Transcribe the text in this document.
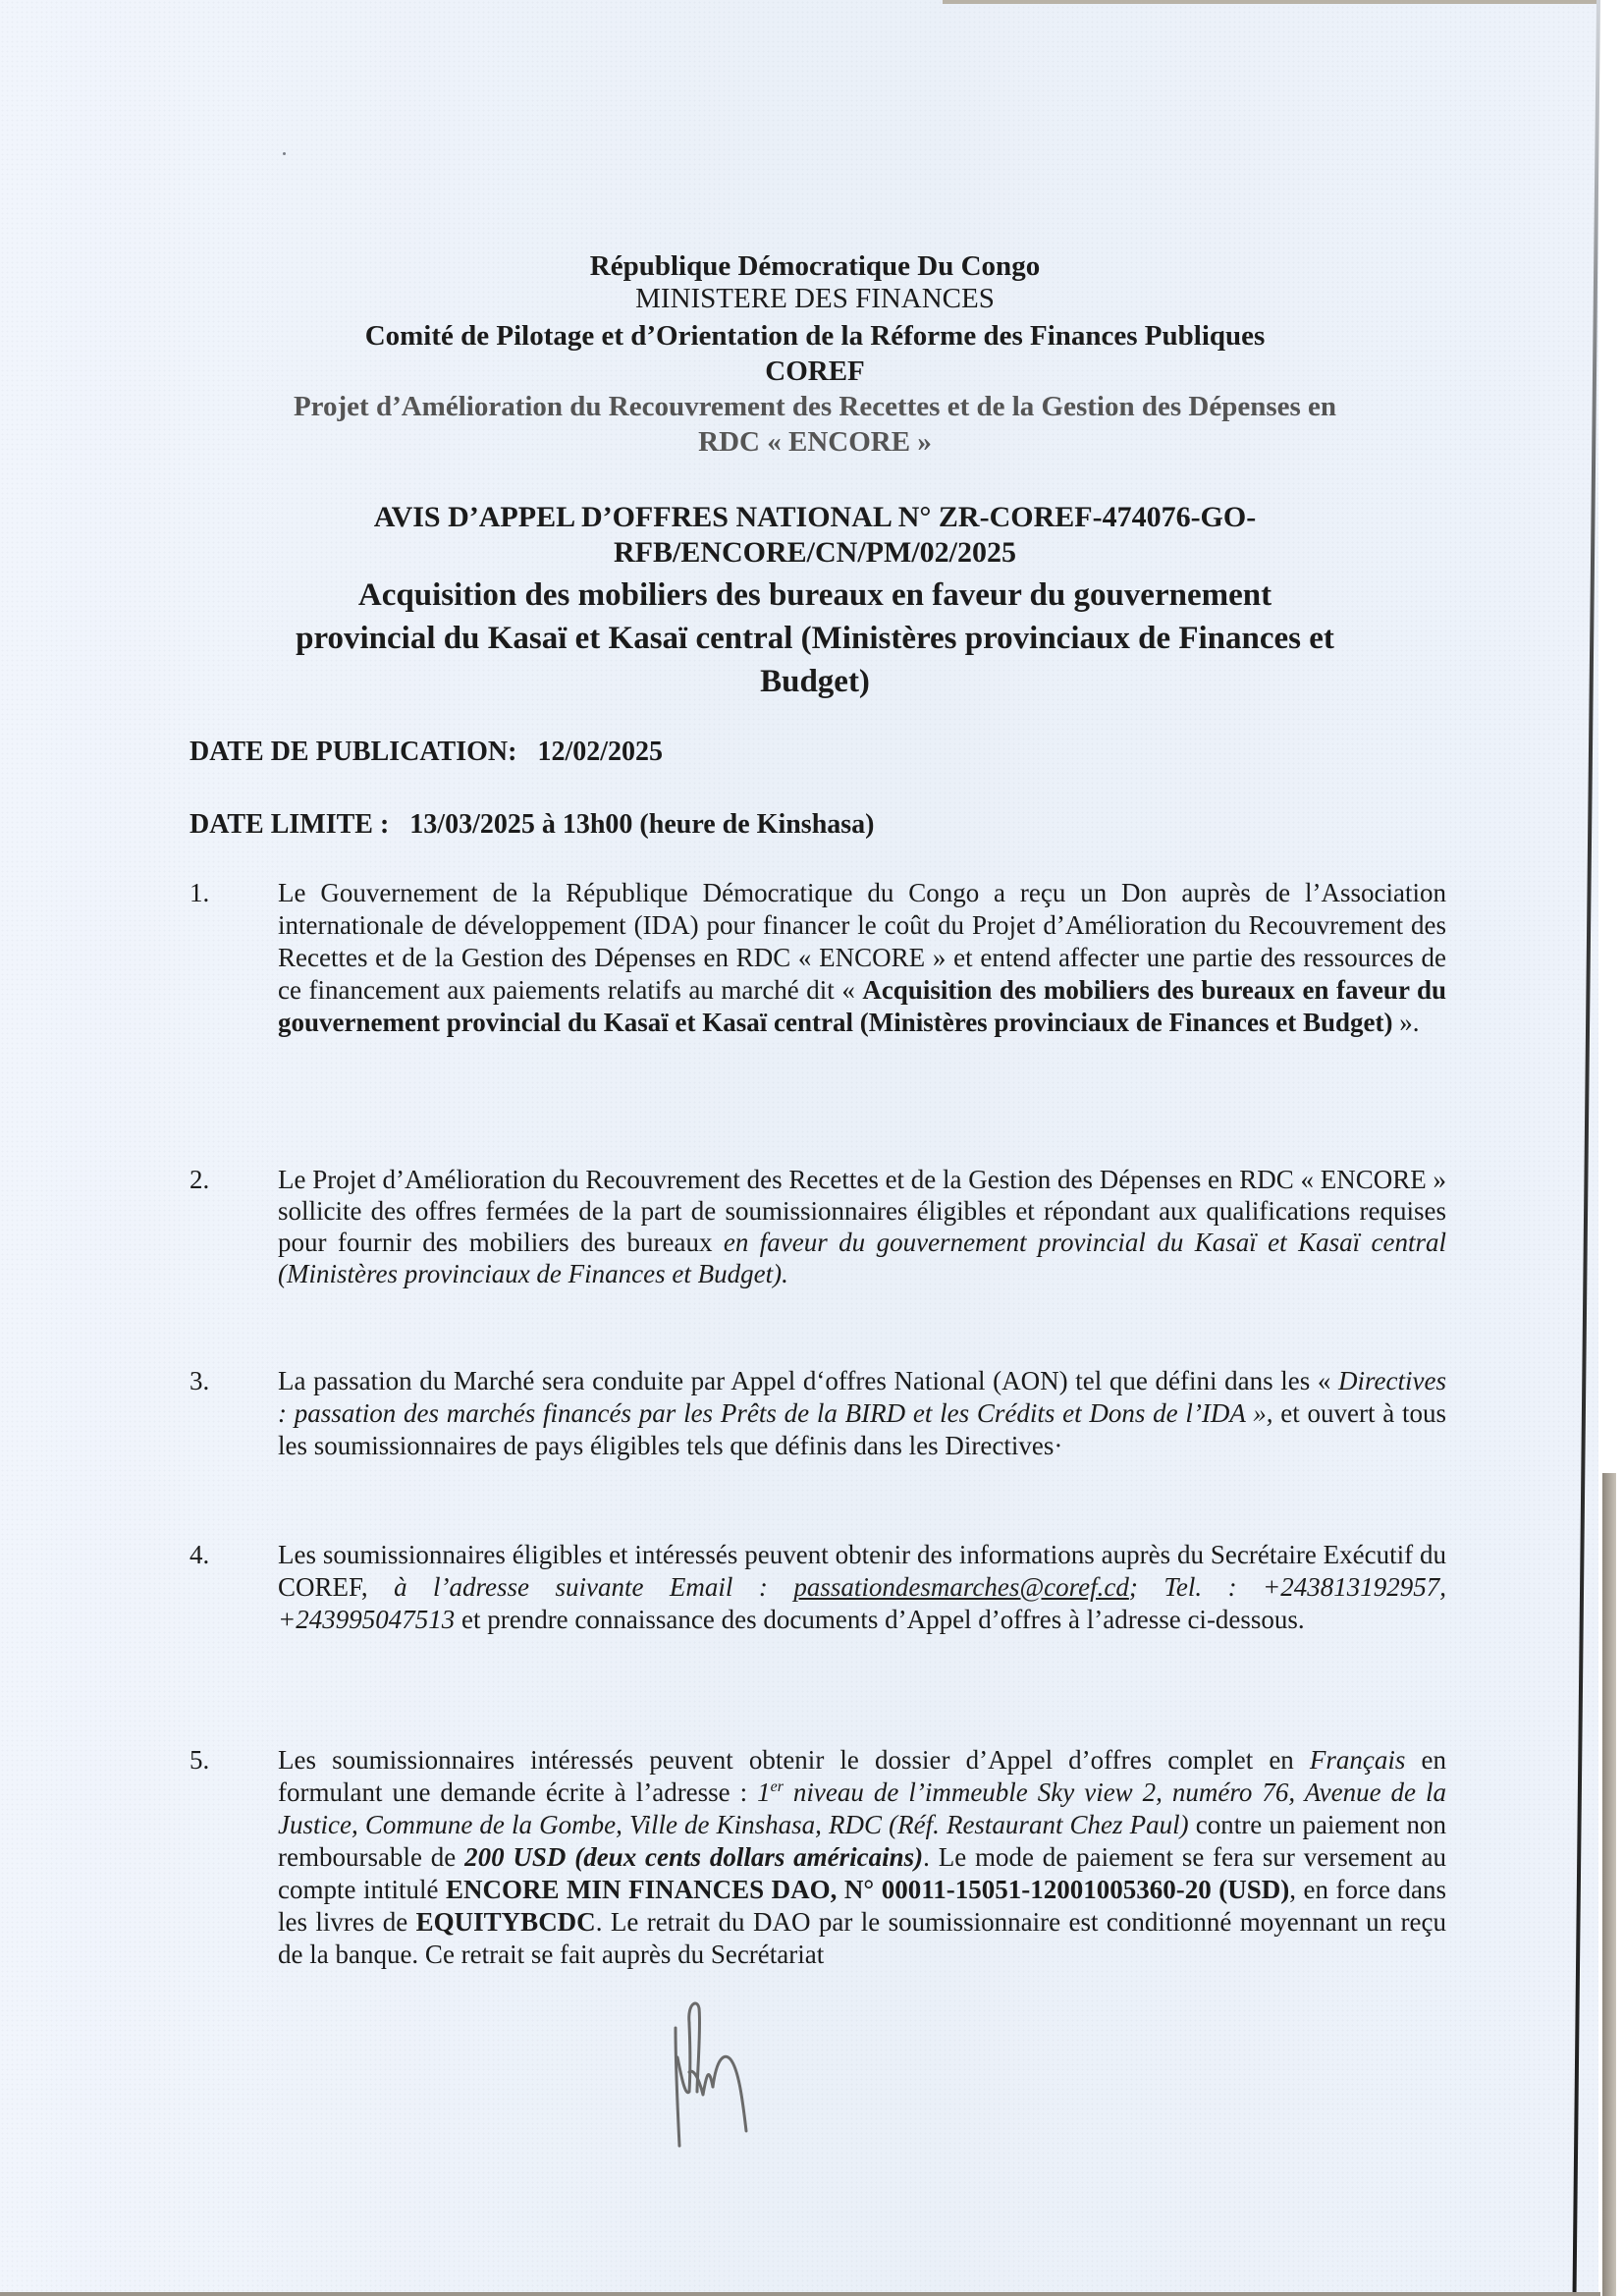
République Démocratique Du Congo
MINISTERE DES FINANCES
Comité de Pilotage et d’Orientation de la Réforme des Finances Publiques
COREF
Projet d’Amélioration du Recouvrement des Recettes et de la Gestion des Dépenses en
RDC « ENCORE »
AVIS D’APPEL D’OFFRES NATIONAL N° ZR-COREF-474076-GO-
RFB/ENCORE/CN/PM/02/2025
Acquisition des mobiliers des bureaux en faveur du gouvernement
provincial du Kasaï et Kasaï central (Ministères provinciaux de Finances et
Budget)
DATE DE PUBLICATION: 12/02/2025
DATE LIMITE : 13/03/2025 à 13h00 (heure de Kinshasa)
1.	Le Gouvernement de la République Démocratique du Congo a reçu un Don auprès de l’Association internationale de développement (IDA) pour financer le coût du Projet d’Amélioration du Recouvrement des Recettes et de la Gestion des Dépenses en RDC « ENCORE » et entend affecter une partie des ressources de ce financement aux paiements relatifs au marché dit « Acquisition des mobiliers des bureaux en faveur du gouvernement provincial du Kasaï et Kasaï central (Ministères provinciaux de Finances et Budget) ».
2.	Le Projet d’Amélioration du Recouvrement des Recettes et de la Gestion des Dépenses en RDC « ENCORE » sollicite des offres fermées de la part de soumissionnaires éligibles et répondant aux qualifications requises pour fournir des mobiliers des bureaux en faveur du gouvernement provincial du Kasaï et Kasaï central (Ministères provinciaux de Finances et Budget).
3.	La passation du Marché sera conduite par Appel d‘offres National (AON) tel que défini dans les « Directives : passation des marchés financés par les Prêts de la BIRD et les Crédits et Dons de l’IDA », et ouvert à tous les soumissionnaires de pays éligibles tels que définis dans les Directives·
4.	Les soumissionnaires éligibles et intéressés peuvent obtenir des informations auprès du Secrétaire Exécutif du COREF, à l’adresse suivante Email : passationdesmarches@coref.cd; Tel. : +243813192957, +243995047513 et prendre connaissance des documents d’Appel d’offres à l’adresse ci-dessous.
5.	Les soumissionnaires intéressés peuvent obtenir le dossier d’Appel d’offres complet en Français en formulant une demande écrite à l’adresse : 1er niveau de l’immeuble Sky view 2, numéro 76, Avenue de la Justice, Commune de la Gombe, Ville de Kinshasa, RDC (Réf. Restaurant Chez Paul) contre un paiement non remboursable de 200 USD (deux cents dollars américains). Le mode de paiement se fera sur versement au compte intitulé ENCORE MIN FINANCES DAO, N° 00011-15051-12001005360-20 (USD), en force dans les livres de EQUITYBCDC. Le retrait du DAO par le soumissionnaire est conditionné moyennant un reçu de la banque. Ce retrait se fait auprès du Secrétariat
